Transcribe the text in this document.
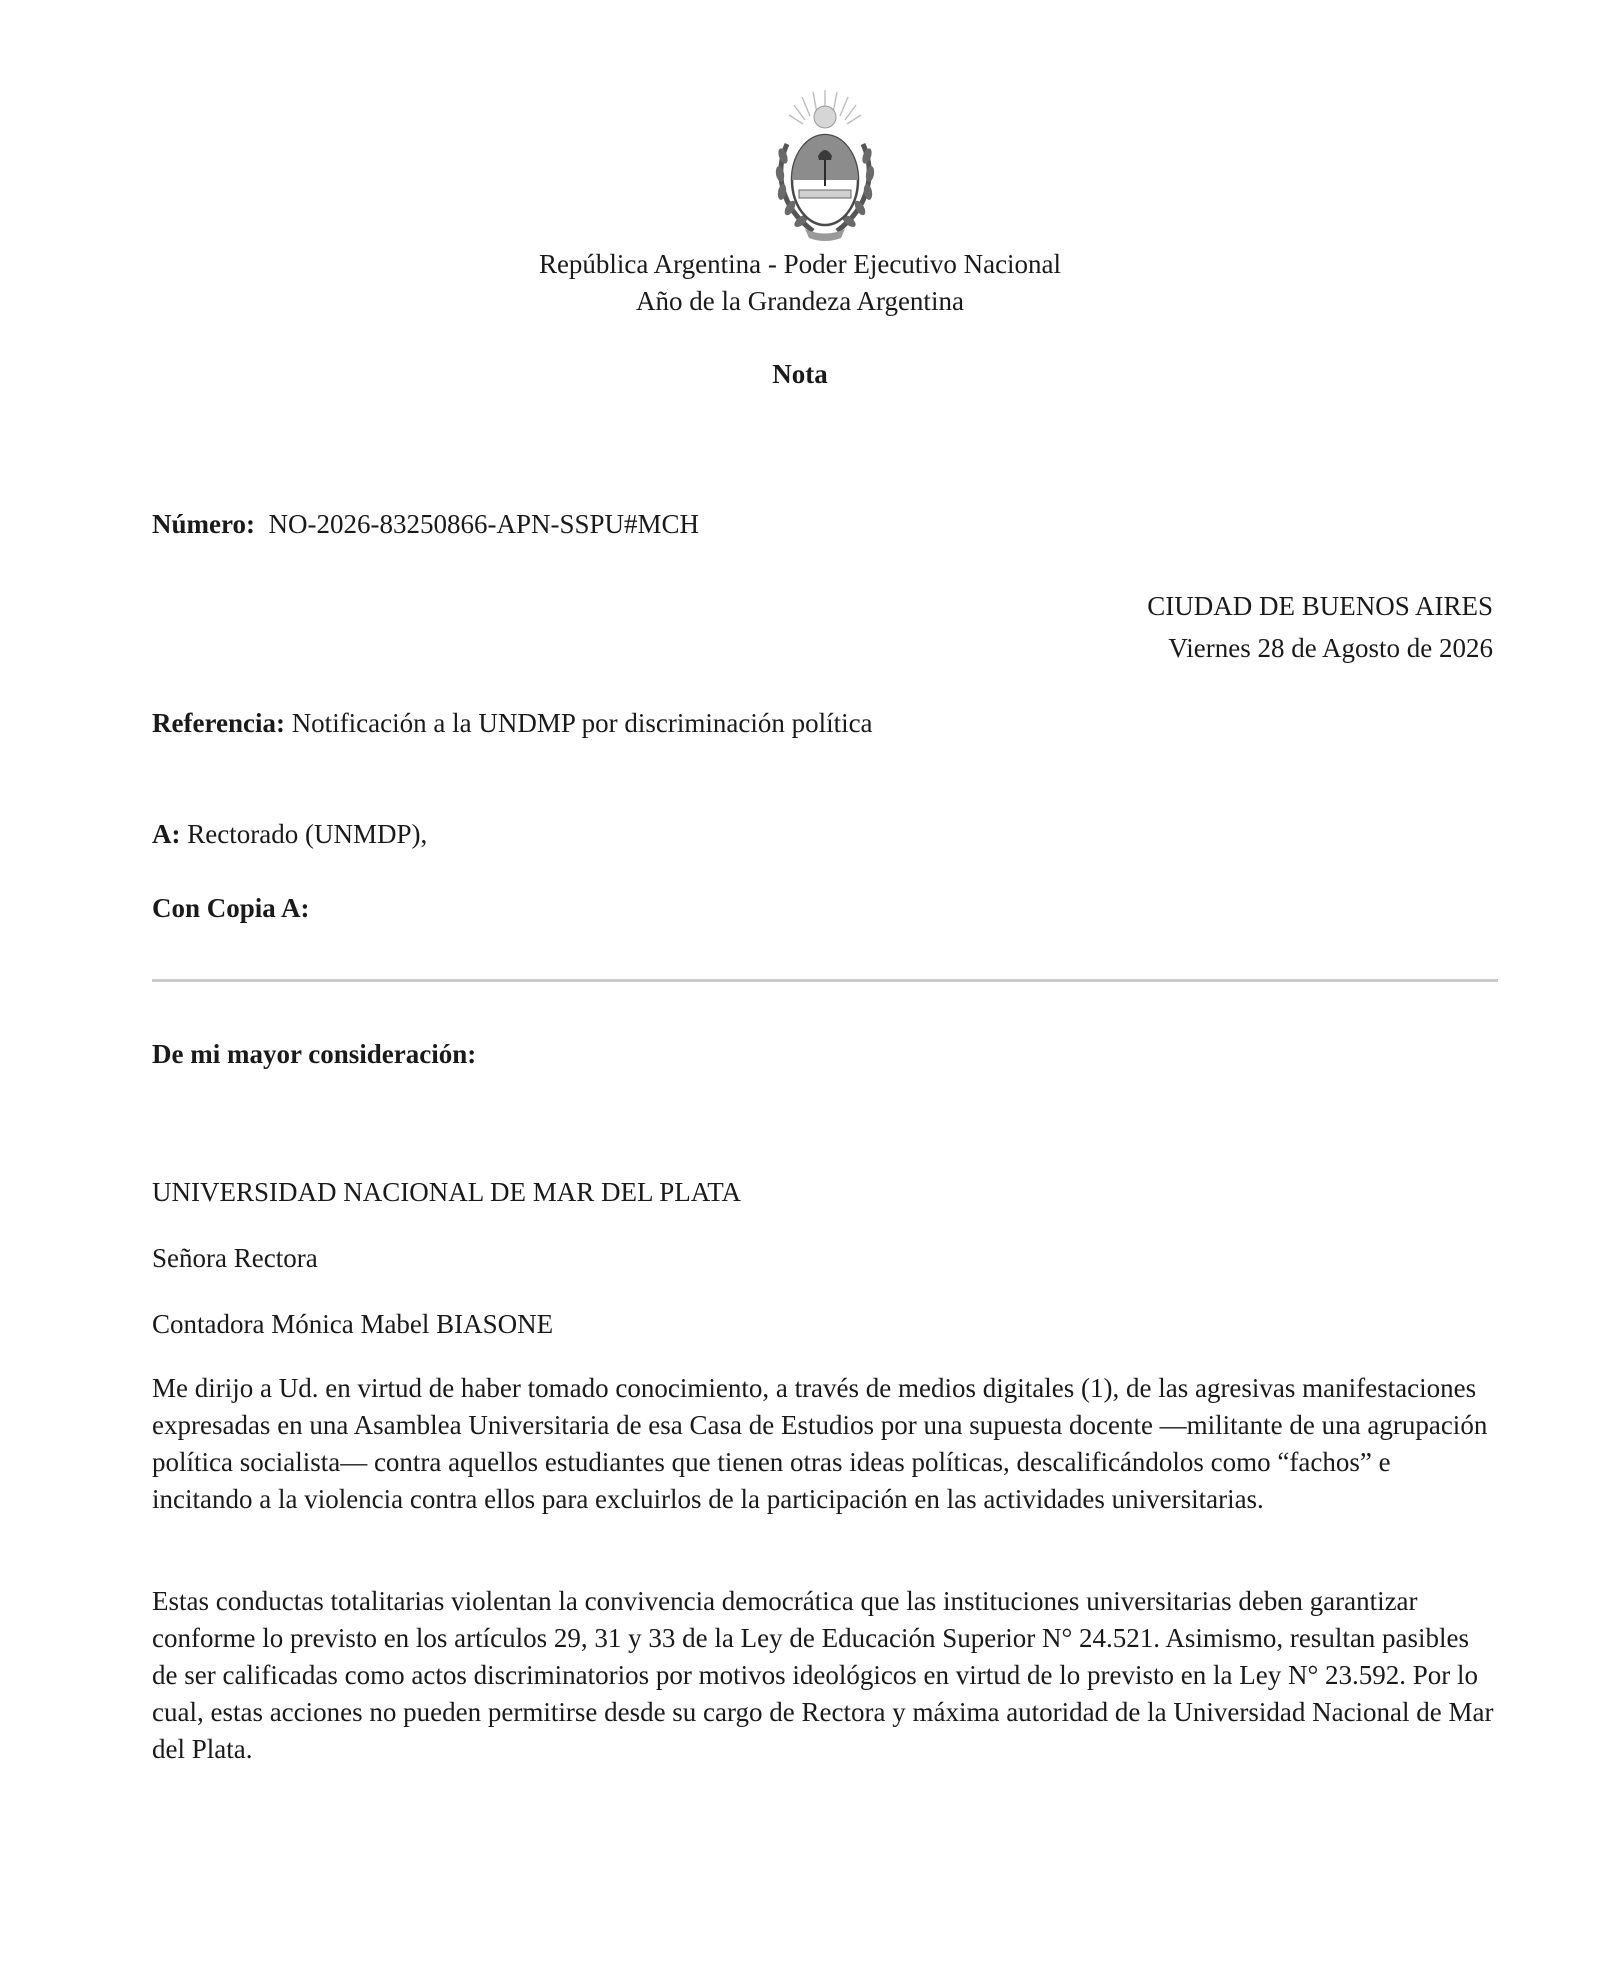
República Argentina - Poder Ejecutivo Nacional
Año de la Grandeza Argentina
Nota
Número: NO-2026-83250866-APN-SSPU#MCH
CIUDAD DE BUENOS AIRES
Viernes 28 de Agosto de 2026
Referencia: Notificación a la UNDMP por discriminación política
A: Rectorado (UNMDP),
Con Copia A:
De mi mayor consideración:
UNIVERSIDAD NACIONAL DE MAR DEL PLATA
Señora Rectora
Contadora Mónica Mabel BIASONE
Me dirijo a Ud. en virtud de haber tomado conocimiento, a través de medios digitales (1), de las agresivas manifestaciones expresadas en una Asamblea Universitaria de esa Casa de Estudios por una supuesta docente —militante de una agrupación política socialista— contra aquellos estudiantes que tienen otras ideas políticas, descalificándolos como “fachos” e incitando a la violencia contra ellos para excluirlos de la participación en las actividades universitarias.
Estas conductas totalitarias violentan la convivencia democrática que las instituciones universitarias deben garantizar conforme lo previsto en los artículos 29, 31 y 33 de la Ley de Educación Superior N° 24.521. Asimismo, resultan pasibles de ser calificadas como actos discriminatorios por motivos ideológicos en virtud de lo previsto en la Ley N° 23.592. Por lo cual, estas acciones no pueden permitirse desde su cargo de Rectora y máxima autoridad de la Universidad Nacional de Mar del Plata.
